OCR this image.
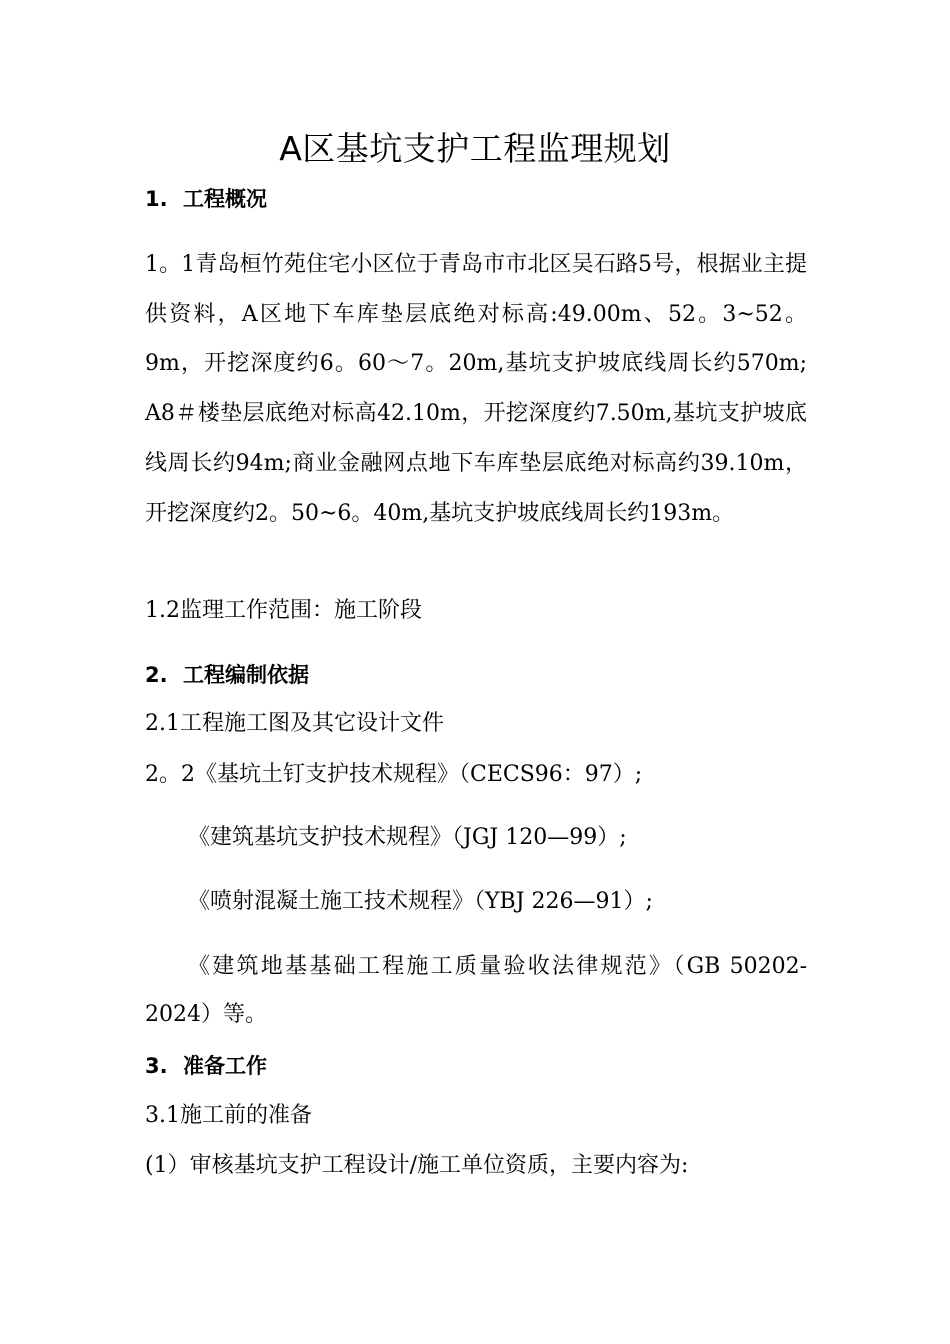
A区基坑支护工程监理规划
1. 工程概况
1。1青岛桓竹苑住宅小区位于青岛市市北区吴石路5号，根据业主提供资料，A区地下车库垫层底绝对标高:49.00m、52。3~52。9m，开挖深度约6。60～7。20m,基坑支护坡底线周长约570m; A8＃楼垫层底绝对标高42.10m，开挖深度约7.50m,基坑支护坡底线周长约94m;商业金融网点地下车库垫层底绝对标高约39.10m，开挖深度约2。50~6。40m,基坑支护坡底线周长约193m。
1.2监理工作范围：施工阶段
2. 工程编制依据
2.1工程施工图及其它设计文件
2。2《基坑土钉支护技术规程》（CECS96：97）;
《建筑基坑支护技术规程》（JGJ 120—99）;
《喷射混凝土施工技术规程》（YBJ 226—91）;
《建筑地基基础工程施工质量验收法律规范》（GB 50202-2024）等。
3. 准备工作
3.1施工前的准备
(1）审核基坑支护工程设计/施工单位资质，主要内容为:
